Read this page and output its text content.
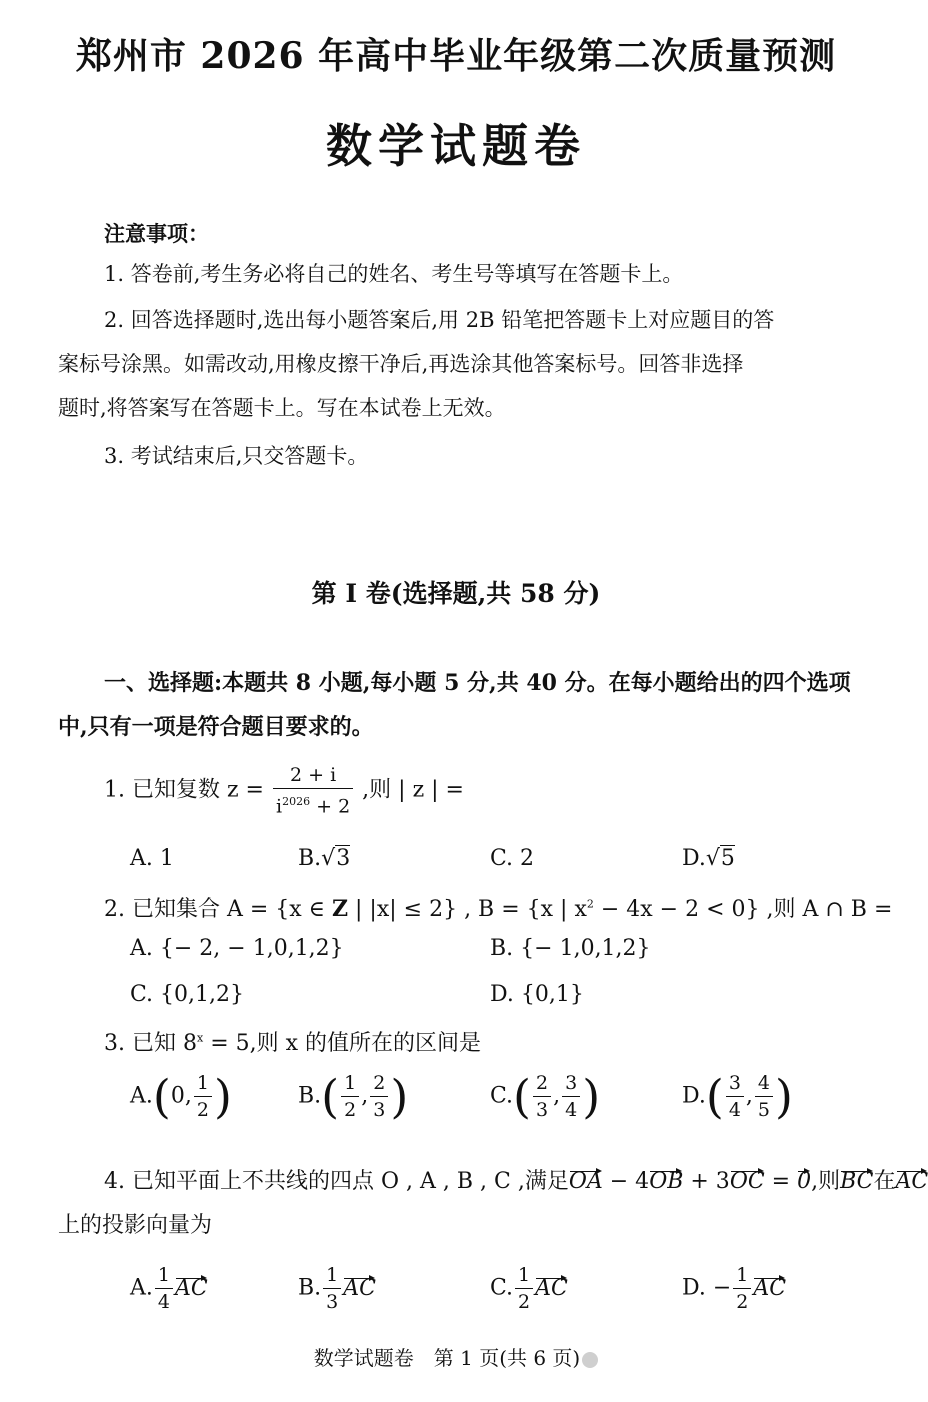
郑州市 2026 年高中毕业年级第二次质量预测
数学试题卷
注意事项：
1. 答卷前,考生务必将自己的姓名、考生号等填写在答题卡上。
2. 回答选择题时,选出每小题答案后,用 2B 铅笔把答题卡上对应题目的答
案标号涂黑。如需改动,用橡皮擦干净后,再选涂其他答案标号。回答非选择
题时,将答案写在答题卡上。写在本试卷上无效。
3. 考试结束后,只交答题卡。
第 Ⅰ 卷(选择题,共 58 分)
一、选择题:本题共 8 小题,每小题 5 分,共 40 分。在每小题给出的四个选项
中,只有一项是符合题目要求的。
1. 已知复数 $z = \frac{2 + i}{i^{2026} + 2}$ ,则 | z | =
A. 1	B.√3	C. 2	D.√5
2. 已知集合 A = {x ∈ Z | |x| ≤ 2} , B = {x | $x^2 - 4x - 2 < 0$} ,则 A ∩ B =
A. {− 2, − 1,0,1,2}	B. {− 1,0,1,2}
C. {0,1,2}	D. {0,1}
3. 已知 $8^x = 5$,则 x 的值所在的区间是
A.(0, $\frac{1}{2}$ )	$B.( \frac{1}{2}$ , $\frac{2}{3}$ )	$C.( \frac{2}{3}$ , $\frac{3}{4}$ )	$D.( \frac{3}{4}$ , $\frac{4}{5}$ )
4. 已知平面上不共线的四点 O , A , B , C ,满足OA − 4OB + 3OC = 0,则BC在AC
上的投影向量为
A. $\frac{1}{4}$ AC	B. $\frac{1}{3}$ AC	C. $\frac{1}{2}$ AC	D. − $\frac{1}{2}$ AC
数学试题卷　第 1 页(共 6 页)
